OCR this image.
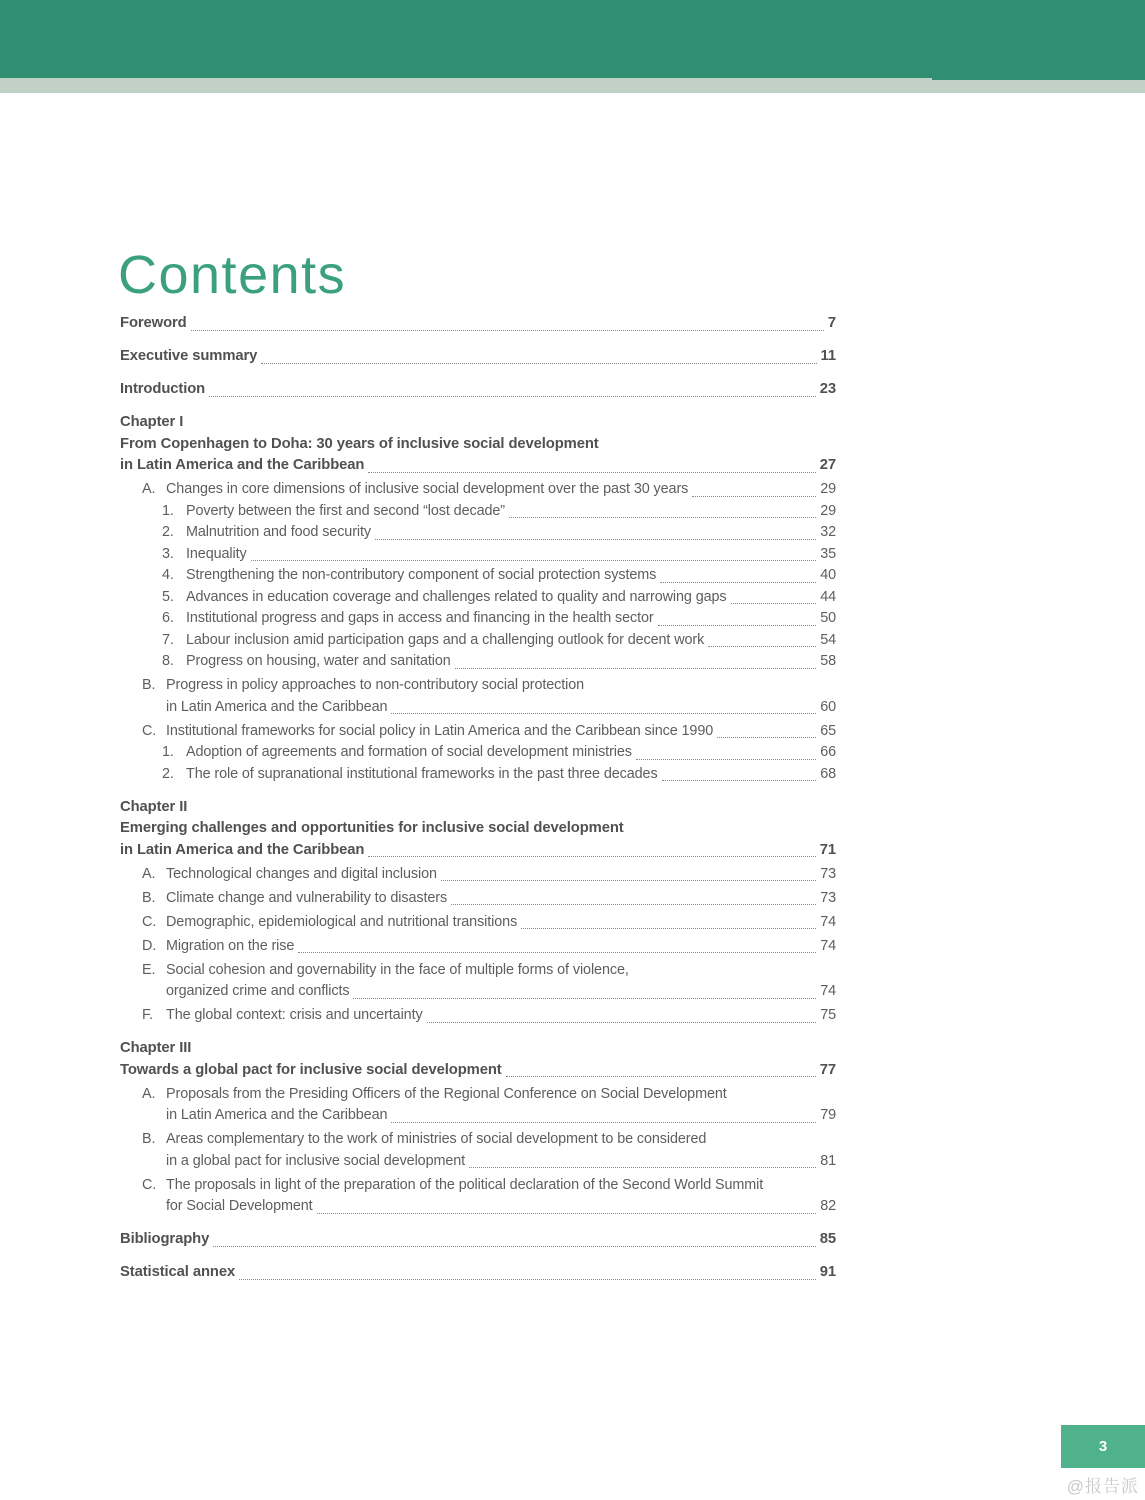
Contents
Foreword	7
Executive summary	11
Introduction	23
Chapter I
From Copenhagen to Doha: 30 years of inclusive social development
in Latin America and the Caribbean	27
A. Changes in core dimensions of inclusive social development over the past 30 years	29
1. Poverty between the first and second “lost decade”	29
2. Malnutrition and food security	32
3. Inequality	35
4. Strengthening the non-contributory component of social protection systems	40
5. Advances in education coverage and challenges related to quality and narrowing gaps	44
6. Institutional progress and gaps in access and financing in the health sector	50
7. Labour inclusion amid participation gaps and a challenging outlook for decent work	54
8. Progress on housing, water and sanitation	58
B. Progress in policy approaches to non-contributory social protection
in Latin America and the Caribbean	60
C. Institutional frameworks for social policy in Latin America and the Caribbean since 1990	65
1. Adoption of agreements and formation of social development ministries	66
2. The role of supranational institutional frameworks in the past three decades	68
Chapter II
Emerging challenges and opportunities for inclusive social development
in Latin America and the Caribbean	71
A. Technological changes and digital inclusion	73
B. Climate change and vulnerability to disasters	73
C. Demographic, epidemiological and nutritional transitions	74
D. Migration on the rise	74
E. Social cohesion and governability in the face of multiple forms of violence,
organized crime and conflicts	74
F. The global context: crisis and uncertainty	75
Chapter III
Towards a global pact for inclusive social development	77
A. Proposals from the Presiding Officers of the Regional Conference on Social Development
in Latin America and the Caribbean	79
B. Areas complementary to the work of ministries of social development to be considered
in a global pact for inclusive social development	81
C. The proposals in light of the preparation of the political declaration of the Second World Summit
for Social Development	82
Bibliography	85
Statistical annex	91
3
@报告派
